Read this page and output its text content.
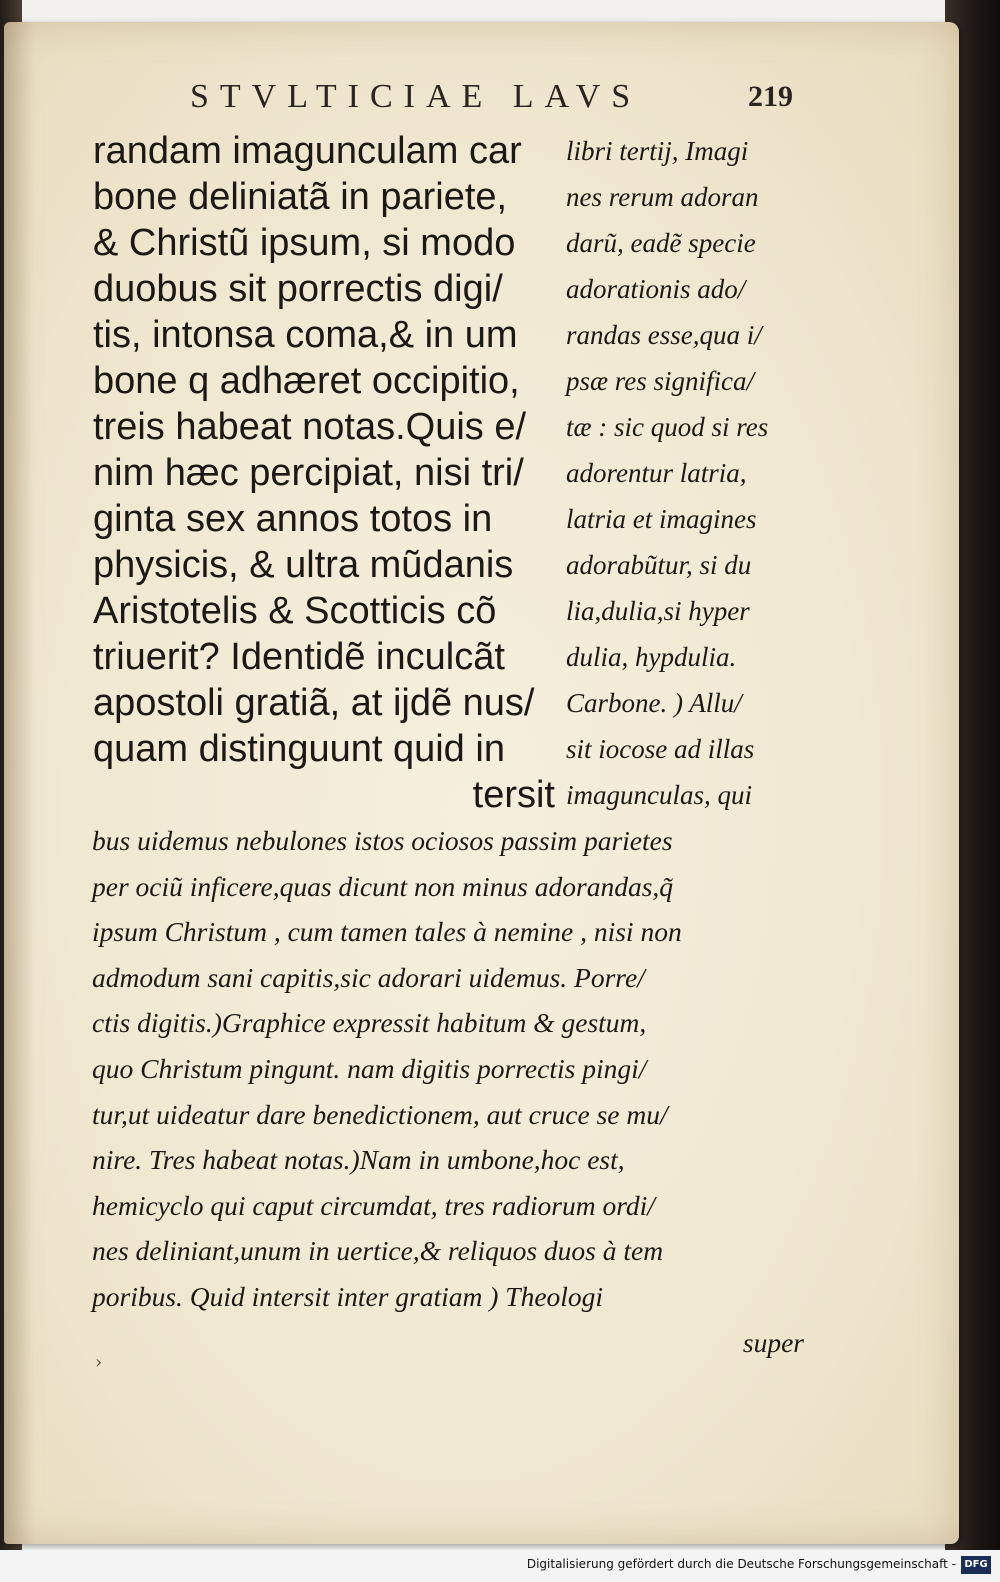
STVLTICIAE LAVS	219
randam imagunculam car
bone deliniatã in pariete,
& Christũ ipsum, si modo
duobus sit porrectis digi/
tis, intonsa coma,& in um
bone q adhæret occipitio,
treis habeat notas.Quis e/
nim hæc percipiat, nisi tri/
ginta sex annos totos in
physicis, & ultra mũdanis
Aristotelis & Scotticis cõ
triuerit? Identidẽ inculcãt
apostoli gratiã, at ijdẽ nus/
quam distinguunt quid in
tersit
libri tertij, Imagi
nes rerum adoran
darũ, eadẽ specie
adorationis ado/
randas esse,qua i/
psæ res significa/
tæ : sic quod si res
adorentur latria,
latria et imagines
adorabũtur, si du
lia,dulia,si hyper
dulia, hypdulia.
Carbone. ) Allu/
sit iocose ad illas
imagunculas, qui
bus uidemus nebulones istos ociosos passim parietes
per ociũ inficere,quas dicunt non minus adorandas,q̃
ipsum Christum , cum tamen tales à nemine , nisi non
admodum sani capitis,sic adorari uidemus. Porre/
ctis digitis.)Graphice expressit habitum & gestum,
quo Christum pingunt. nam digitis porrectis pingi/
tur,ut uideatur dare benedictionem, aut cruce se mu/
nire. Tres habeat notas.)Nam in umbone,hoc est,
hemicyclo qui caput circumdat, tres radiorum ordi/
nes deliniant,unum in uertice,& reliquos duos à tem
poribus. Quid intersit inter gratiam ) Theologi
super
›
Digitalisierung gefördert durch die Deutsche Forschungsgemeinschaft - DFG
